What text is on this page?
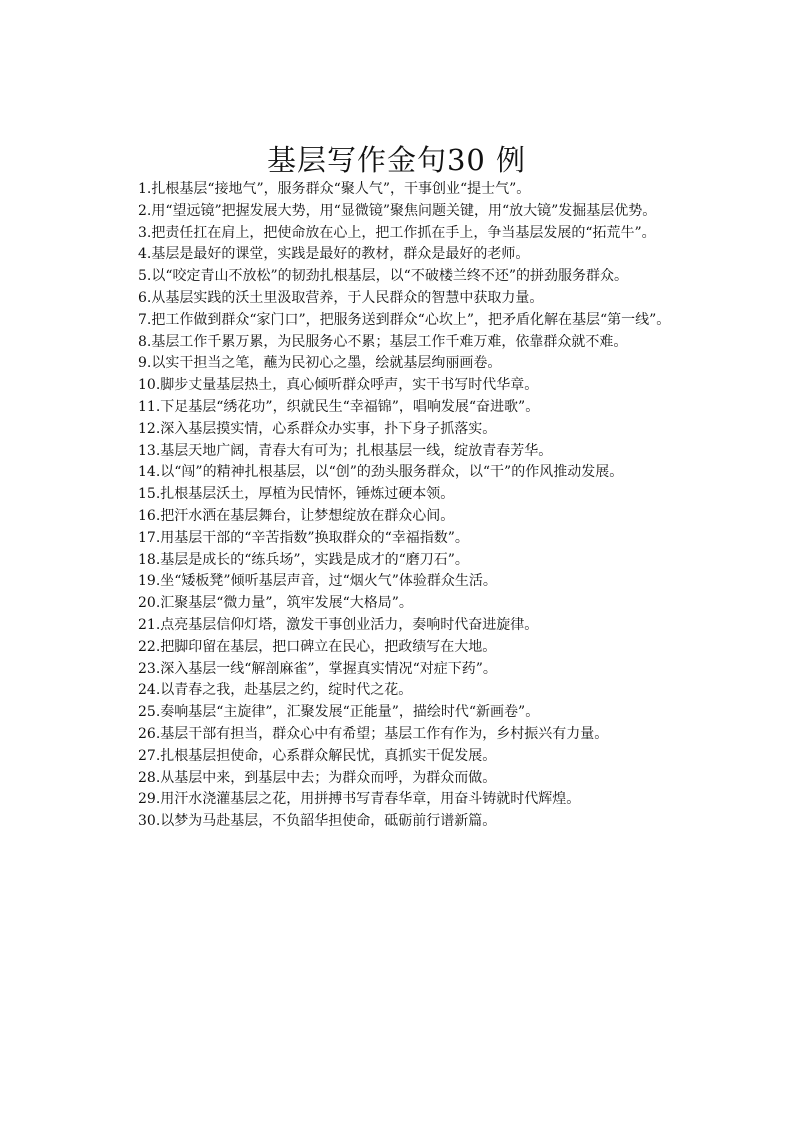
基层写作金句30 例

1.扎根基层“接地气”，服务群众“聚人气”，干事创业“提士气”。

2.用“望远镜”把握发展大势，用“显微镜”聚焦问题关键，用“放大镜”发掘基层优势。

3.把责任扛在肩上，把使命放在心上，把工作抓在手上，争当基层发展的“拓荒牛”。

4.基层是最好的课堂，实践是最好的教材，群众是最好的老师。

5.以“咬定青山不放松”的韧劲扎根基层，以“不破楼兰终不还”的拼劲服务群众。

6.从基层实践的沃土里汲取营养，于人民群众的智慧中获取力量。

7.把工作做到群众“家门口”，把服务送到群众“心坎上”，把矛盾化解在基层“第一线”。

8.基层工作千累万累，为民服务心不累；基层工作千难万难，依靠群众就不难。

9.以实干担当之笔，蘸为民初心之墨，绘就基层绚丽画卷。

10.脚步丈量基层热土，真心倾听群众呼声，实干书写时代华章。

11.下足基层“绣花功”，织就民生“幸福锦”，唱响发展“奋进歌”。

12.深入基层摸实情，心系群众办实事，扑下身子抓落实。

13.基层天地广阔，青春大有可为；扎根基层一线，绽放青春芳华。

14.以“闯”的精神扎根基层，以“创”的劲头服务群众，以“干”的作风推动发展。

15.扎根基层沃土，厚植为民情怀，锤炼过硬本领。

16.把汗水洒在基层舞台，让梦想绽放在群众心间。

17.用基层干部的“辛苦指数”换取群众的“幸福指数”。

18.基层是成长的“练兵场”，实践是成才的“磨刀石”。

19.坐“矮板凳”倾听基层声音，过“烟火气”体验群众生活。

20.汇聚基层“微力量”，筑牢发展“大格局”。

21.点亮基层信仰灯塔，激发干事创业活力，奏响时代奋进旋律。

22.把脚印留在基层，把口碑立在民心，把政绩写在大地。

23.深入基层一线“解剖麻雀”，掌握真实情况“对症下药”。

24.以青春之我，赴基层之约，绽时代之花。

25.奏响基层“主旋律”，汇聚发展“正能量”，描绘时代“新画卷”。

26.基层干部有担当，群众心中有希望；基层工作有作为，乡村振兴有力量。

27.扎根基层担使命，心系群众解民忧，真抓实干促发展。

28.从基层中来，到基层中去；为群众而呼，为群众而做。

29.用汗水浇灌基层之花，用拼搏书写青春华章，用奋斗铸就时代辉煌。

30.以梦为马赴基层，不负韶华担使命，砥砺前行谱新篇。
